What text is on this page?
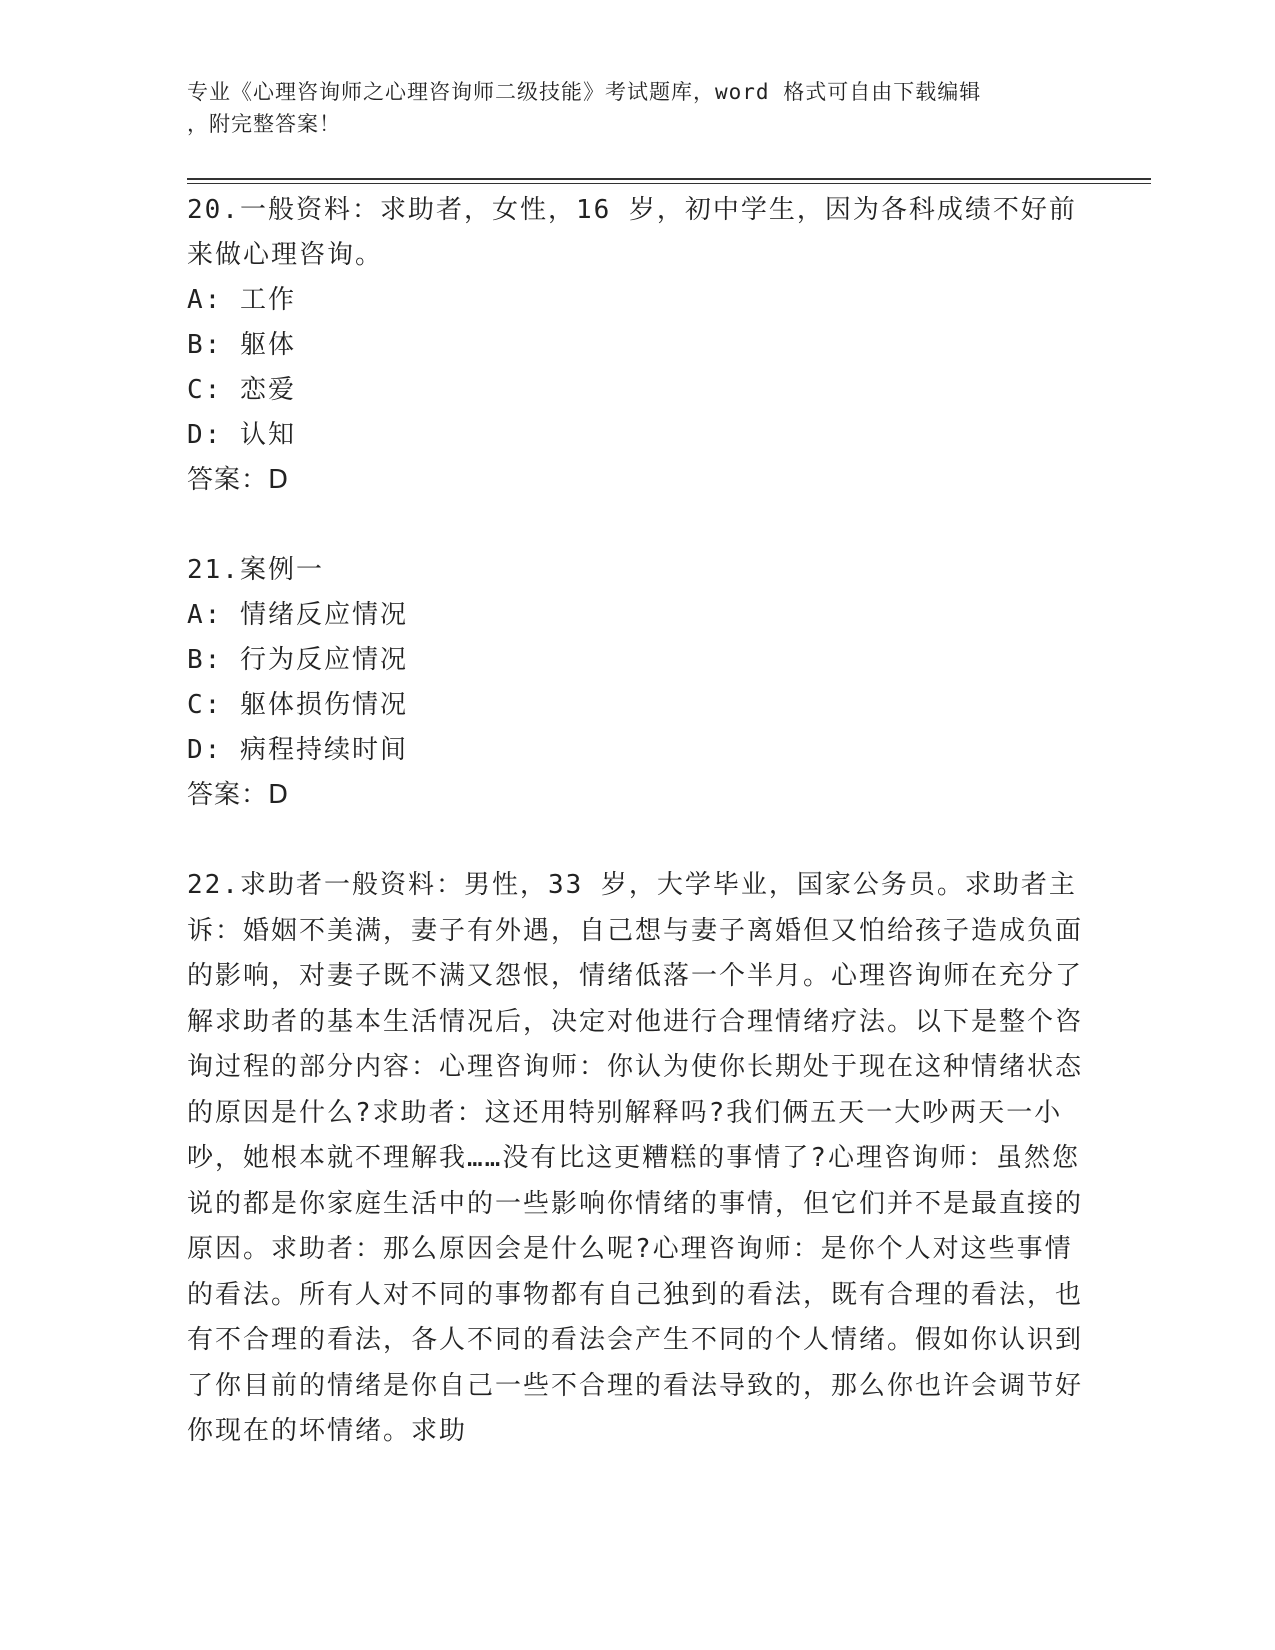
专业《心理咨询师之心理咨询师二级技能》考试题库，word 格式可自由下载编辑
，附完整答案！
20.一般资料：求助者，女性，16 岁，初中学生，因为各科成绩不好前来做心理咨询。
A: 工作
B: 躯体
C: 恋爱
D: 认知
答案：D
21.案例一
A: 情绪反应情况
B: 行为反应情况
C: 躯体损伤情况
D: 病程持续时间
答案：D
22.求助者一般资料：男性，33 岁，大学毕业，国家公务员。求助者主诉：婚姻不美满，妻子有外遇，自己想与妻子离婚但又怕给孩子造成负面的影响，对妻子既不满又怨恨，情绪低落一个半月。心理咨询师在充分了解求助者的基本生活情况后，决定对他进行合理情绪疗法。以下是整个咨询过程的部分内容：心理咨询师：你认为使你长期处于现在这种情绪状态的原因是什么?求助者：这还用特别解释吗?我们俩五天一大吵两天一小吵，她根本就不理解我……没有比这更糟糕的事情了?心理咨询师：虽然您说的都是你家庭生活中的一些影响你情绪的事情，但它们并不是最直接的原因。求助者：那么原因会是什么呢?心理咨询师：是你个人对这些事情的看法。所有人对不同的事物都有自己独到的看法，既有合理的看法，也有不合理的看法，各人不同的看法会产生不同的个人情绪。假如你认识到了你目前的情绪是你自己一些不合理的看法导致的，那么你也许会调节好你现在的坏情绪。求助
